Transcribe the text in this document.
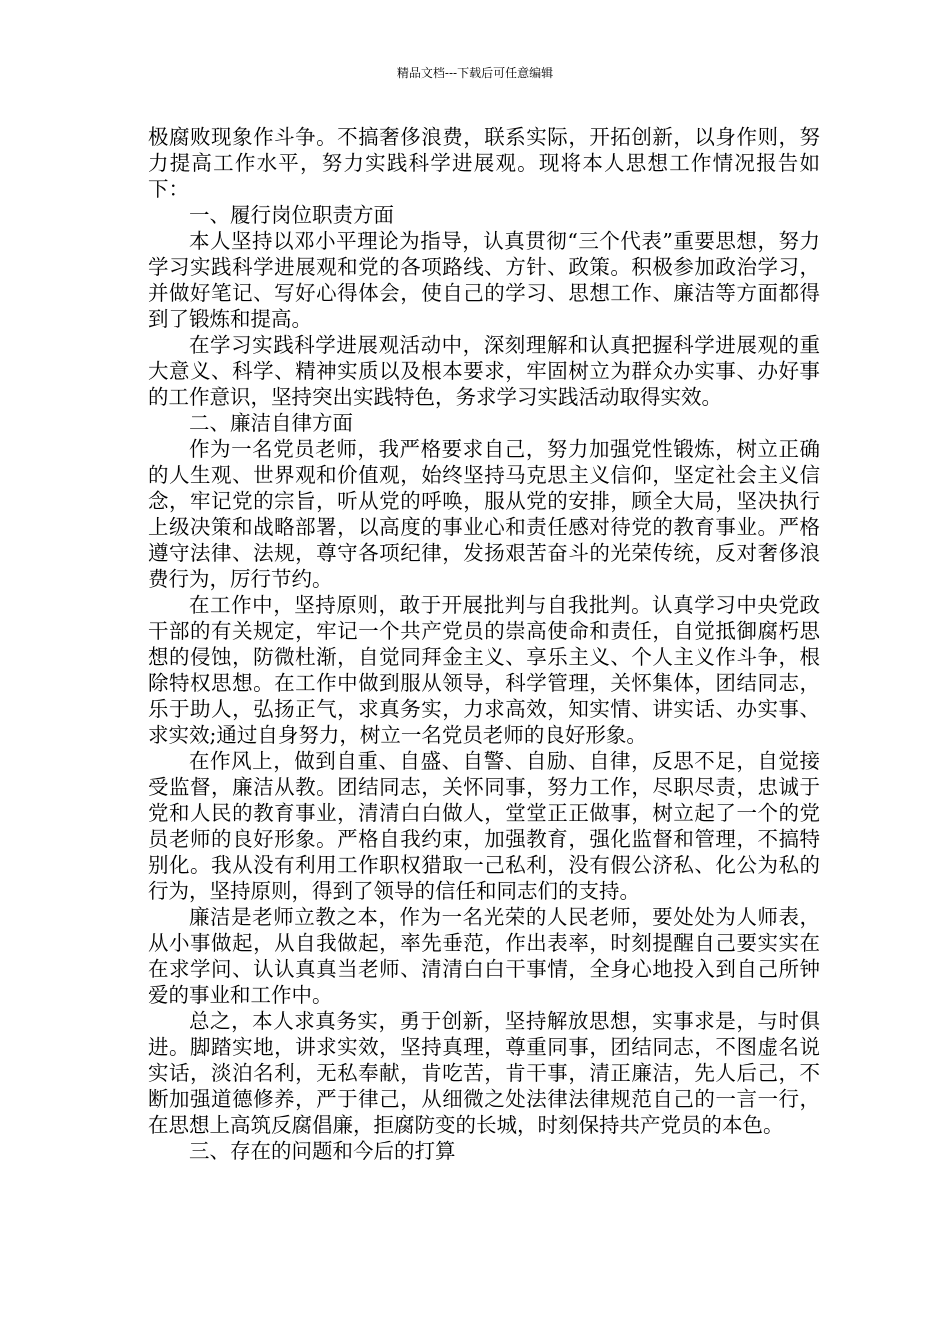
精品文档---下载后可任意编辑

极腐败现象作斗争。不搞奢侈浪费，联系实际，开拓创新，以身作则，努力提高工作水平，努力实践科学进展观。现将本人思想工作情况报告如下：

一、履行岗位职责方面

本人坚持以邓小平理论为指导，认真贯彻“三个代表”重要思想，努力学习实践科学进展观和党的各项路线、方针、政策。积极参加政治学习，并做好笔记、写好心得体会，使自己的学习、思想工作、廉洁等方面都得到了锻炼和提高。

在学习实践科学进展观活动中，深刻理解和认真把握科学进展观的重大意义、科学、精神实质以及根本要求，牢固树立为群众办实事、办好事的工作意识，坚持突出实践特色，务求学习实践活动取得实效。

二、廉洁自律方面

作为一名党员老师，我严格要求自己，努力加强党性锻炼，树立正确的人生观、世界观和价值观，始终坚持马克思主义信仰，坚定社会主义信念，牢记党的宗旨，听从党的呼唤，服从党的安排，顾全大局，坚决执行上级决策和战略部署，以高度的事业心和责任感对待党的教育事业。严格遵守法律、法规，尊守各项纪律，发扬艰苦奋斗的光荣传统，反对奢侈浪费行为，厉行节约。

在工作中，坚持原则，敢于开展批判与自我批判。认真学习中央党政干部的有关规定，牢记一个共产党员的崇高使命和责任，自觉抵御腐朽思想的侵蚀，防微杜渐，自觉同拜金主义、享乐主义、个人主义作斗争，根除特权思想。在工作中做到服从领导，科学管理，关怀集体，团结同志，乐于助人，弘扬正气，求真务实，力求高效，知实情、讲实话、办实事、求实效;通过自身努力，树立一名党员老师的良好形象。

在作风上，做到自重、自盛、自警、自励、自律，反思不足，自觉接受监督，廉洁从教。团结同志，关怀同事，努力工作，尽职尽责，忠诚于党和人民的教育事业，清清白白做人，堂堂正正做事，树立起了一个的党员老师的良好形象。严格自我约束，加强教育，强化监督和管理，不搞特别化。我从没有利用工作职权猎取一己私利，没有假公济私、化公为私的行为，坚持原则，得到了领导的信任和同志们的支持。

廉洁是老师立教之本，作为一名光荣的人民老师，要处处为人师表，从小事做起，从自我做起，率先垂范，作出表率，时刻提醒自己要实实在在求学问、认认真真当老师、清清白白干事情，全身心地投入到自己所钟爱的事业和工作中。

总之，本人求真务实，勇于创新，坚持解放思想，实事求是，与时俱进。脚踏实地，讲求实效，坚持真理，尊重同事，团结同志，不图虚名说实话，淡泊名利，无私奉献，肯吃苦，肯干事，清正廉洁，先人后己，不断加强道德修养，严于律己，从细微之处法律法律规范自己的一言一行，在思想上高筑反腐倡廉，拒腐防变的长城，时刻保持共产党员的本色。

三、存在的问题和今后的打算
